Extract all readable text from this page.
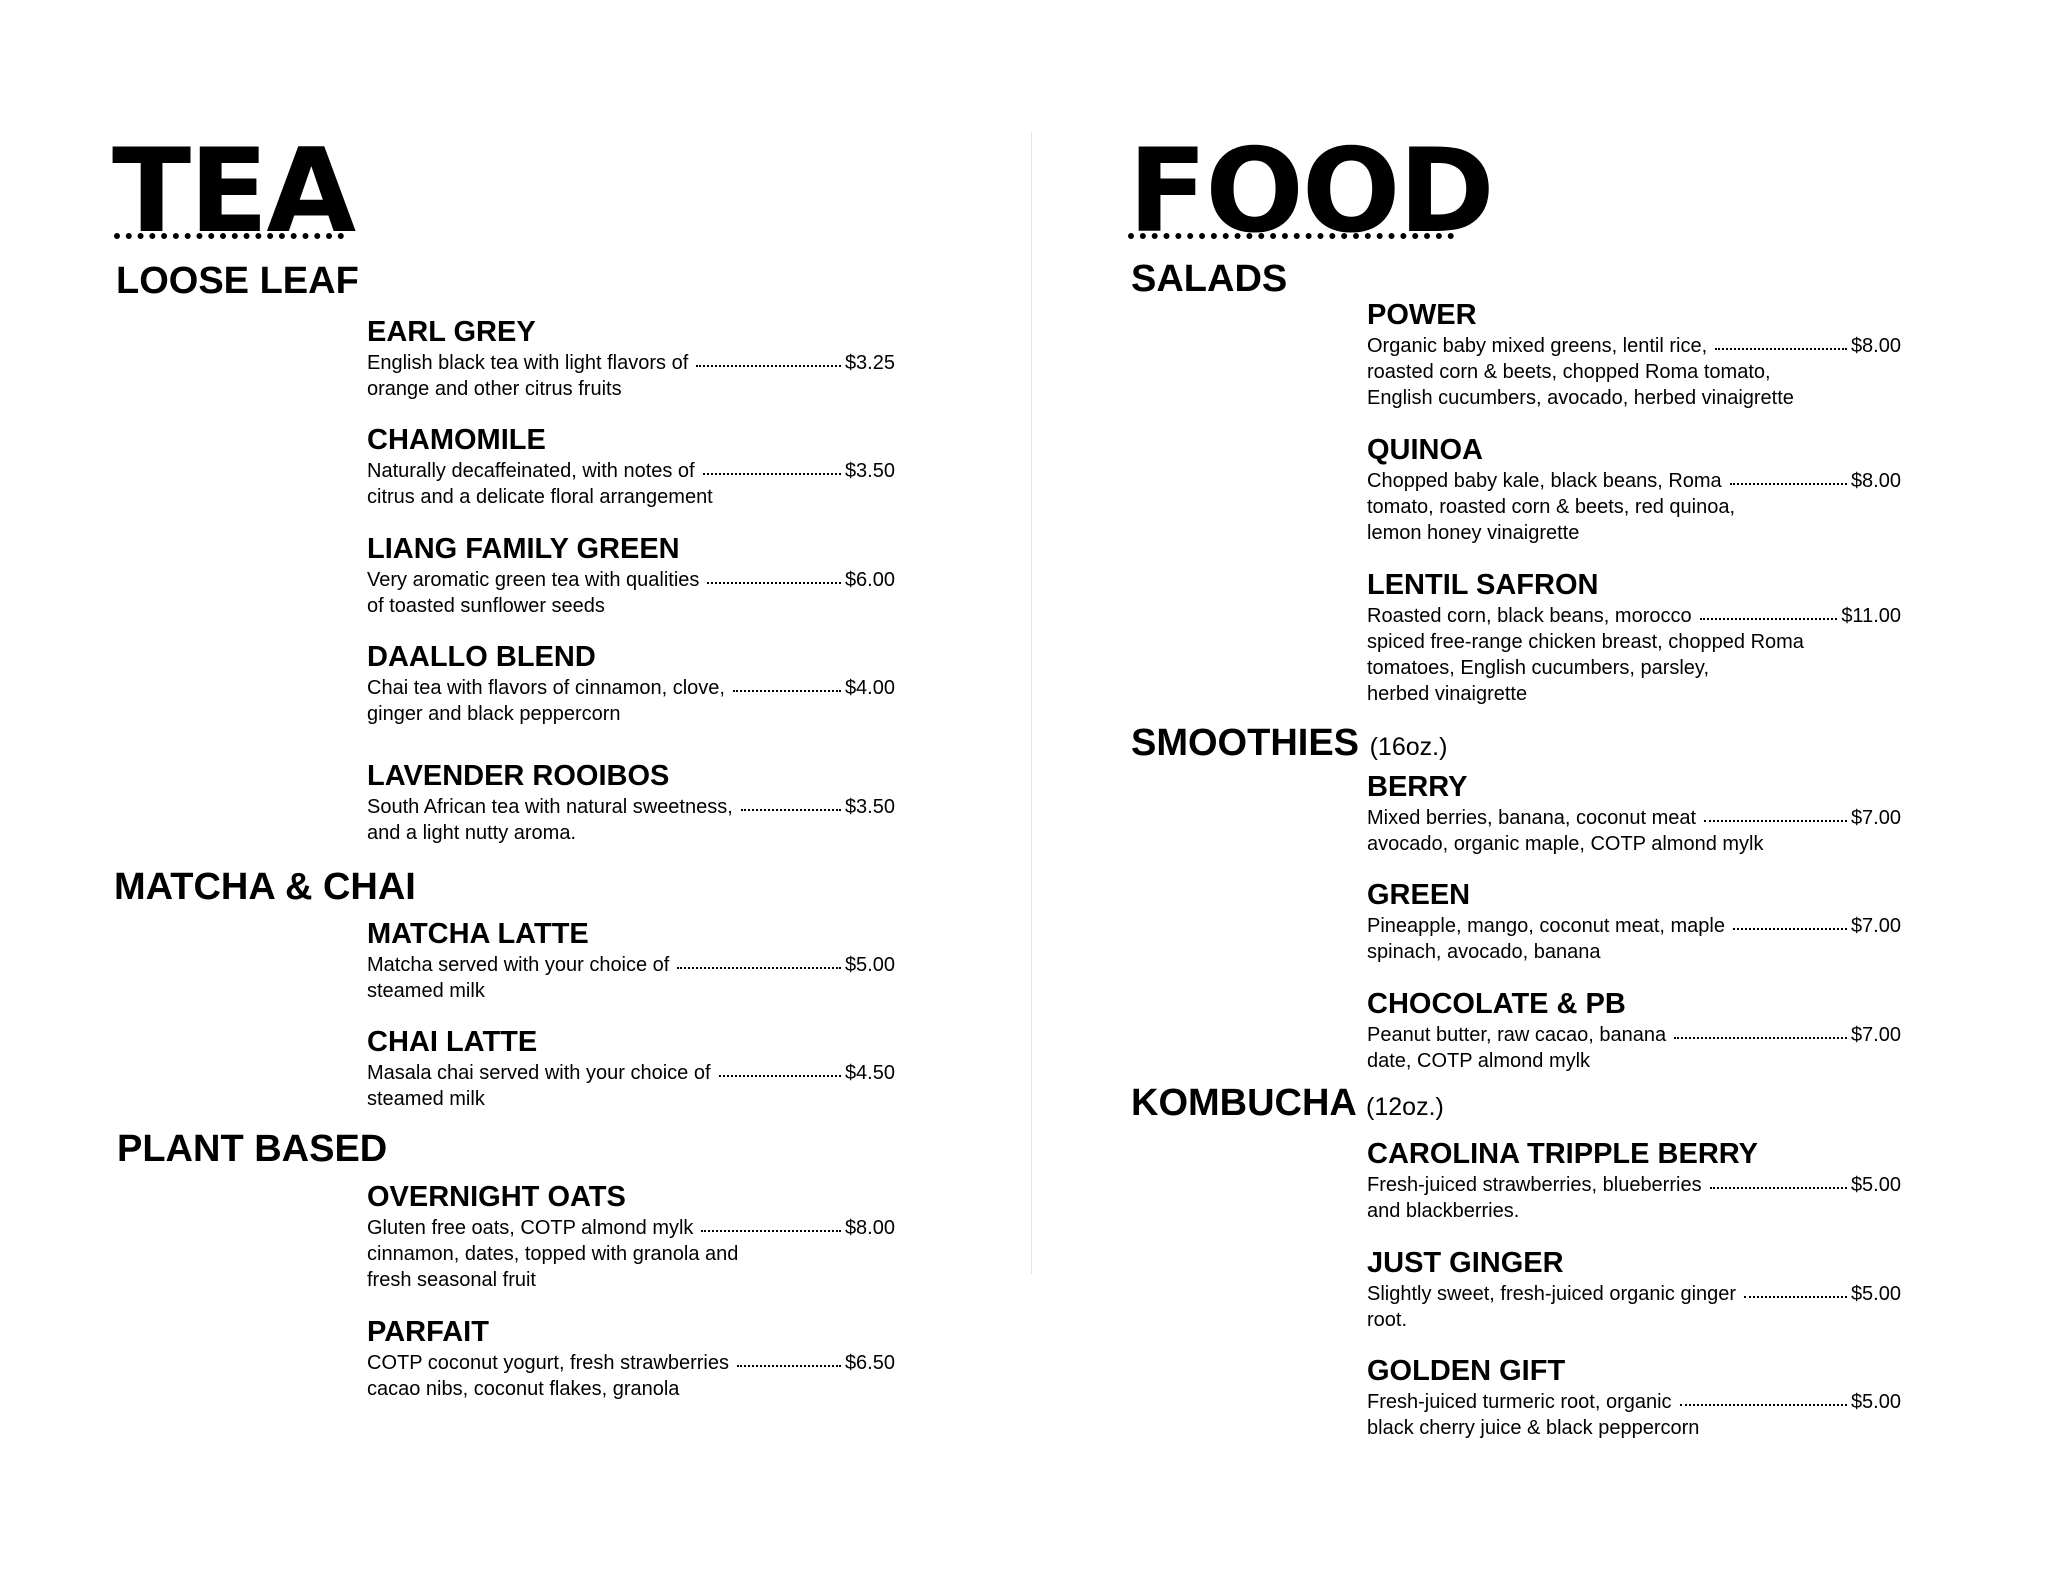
TEA
LOOSE LEAF
MATCHA & CHAI
PLANT BASED
FOOD
SALADS
SMOOTHIES (16oz.)
KOMBUCHA (12oz.)
EARL GREY
English black tea with light flavors of	$3.25
orange and other citrus fruits
CHAMOMILE
Naturally decaffeinated, with notes of	$3.50
citrus and a delicate floral arrangement
LIANG FAMILY GREEN
Very aromatic green tea with qualities	$6.00
of toasted sunflower seeds
DAALLO BLEND
Chai tea with flavors of cinnamon, clove,	$4.00
ginger and black peppercorn
LAVENDER ROOIBOS
South African tea with natural sweetness,	$3.50
and a light nutty aroma.
MATCHA LATTE
Matcha served with your choice of	$5.00
steamed milk
CHAI LATTE
Masala chai served with your choice of	$4.50
steamed milk
OVERNIGHT OATS
Gluten free oats, COTP almond mylk	$8.00
cinnamon, dates, topped with granola and
fresh seasonal fruit
PARFAIT
COTP coconut yogurt, fresh strawberries	$6.50
cacao nibs, coconut flakes, granola
POWER
Organic baby mixed greens, lentil rice,	$8.00
roasted corn & beets, chopped Roma tomato,
English cucumbers, avocado, herbed vinaigrette
QUINOA
Chopped baby kale, black beans, Roma	$8.00
tomato, roasted corn & beets, red quinoa,
lemon honey vinaigrette
LENTIL SAFRON
Roasted corn, black beans, morocco	$11.00
spiced free-range chicken breast, chopped Roma
tomatoes, English cucumbers, parsley,
herbed vinaigrette
BERRY
Mixed berries, banana, coconut meat	$7.00
avocado, organic maple, COTP almond mylk
GREEN
Pineapple, mango, coconut meat, maple	$7.00
spinach, avocado, banana
CHOCOLATE & PB
Peanut butter, raw cacao, banana	$7.00
date, COTP almond mylk
CAROLINA TRIPPLE BERRY
Fresh-juiced strawberries, blueberries	$5.00
and blackberries.
JUST GINGER
Slightly sweet, fresh-juiced organic ginger	$5.00
root.
GOLDEN GIFT
Fresh-juiced turmeric root, organic	$5.00
black cherry juice & black peppercorn
